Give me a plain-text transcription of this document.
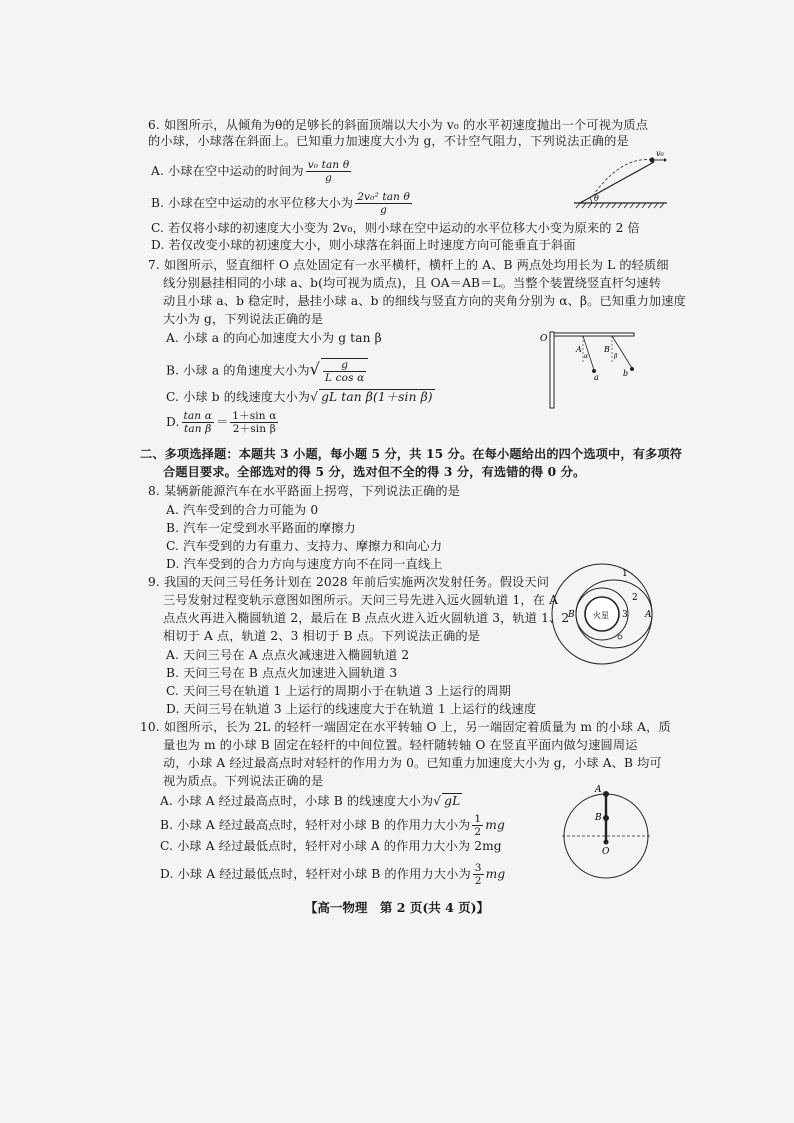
6. 如图所示，从倾角为θ的足够长的斜面顶端以大小为 v₀ 的水平初速度抛出一个可视为质点
的小球，小球落在斜面上。已知重力加速度大小为 g，不计空气阻力，下列说法正确的是
A. 小球在空中运动的时间为 $\frac{\text{v₀ tan θ}}{g}$
B. 小球在空中运动的水平位移大小为 $\frac{\text{2v₀² tan θ}}{g}$
C. 若仅将小球的初速度大小变为 2v₀，则小球在空中运动的水平位移大小变为原来的 2 倍
D. 若仅改变小球的初速度大小，则小球落在斜面上时速度方向可能垂直于斜面
v₀
θ
7. 如图所示，竖直细杆 O 点处固定有一水平横杆，横杆上的 A、B 两点处均用长为 L 的轻质细
线分别悬挂相同的小球 a、b(均可视为质点)，且 OA＝AB＝L。当整个装置绕竖直杆匀速转
动且小球 a、b 稳定时，悬挂小球 a、b 的细线与竖直方向的夹角分别为 α、β。已知重力加速度
大小为 g，下列说法正确的是
A. 小球 a 的向心加速度大小为 g tan β
B. 小球 a 的角速度大小为√ $\frac{g}{\text{L cos α}}$
C. 小球 b 的线速度大小为√ gL tan β(1＋sin β)
D. $\frac{\text{tan α}}{\text{tan β}} = \frac{\text{1＋sin α}}{\text{2＋sin β}}$
O
A
α
a
B
β
b
二、多项选择题：本题共 3 小题，每小题 5 分，共 15 分。在每小题给出的四个选项中，有多项符
合题目要求。全部选对的得 5 分，选对但不全的得 3 分，有选错的得 0 分。
8. 某辆新能源汽车在水平路面上拐弯，下列说法正确的是
A. 汽车受到的合力可能为 0
B. 汽车一定受到水平路面的摩擦力
C. 汽车受到的力有重力、支持力、摩擦力和向心力
D. 汽车受到的合力方向与速度方向不在同一直线上
9. 我国的天问三号任务计划在 2028 年前后实施两次发射任务。假设天问
三号发射过程变轨示意图如图所示。天问三号先进入远火圆轨道 1，在 A
点点火再进入椭圆轨道 2，最后在 B 点点火进入近火圆轨道 3，轨道 1、2
相切于 A 点，轨道 2、3 相切于 B 点。下列说法正确的是
A. 天问三号在 A 点点火减速进入椭圆轨道 2
B. 天问三号在 B 点点火加速进入圆轨道 3
C. 天问三号在轨道 1 上运行的周期小于在轨道 3 上运行的周期
D. 天问三号在轨道 3 上运行的线速度大于在轨道 1 上运行的线速度
火星
1
2
3 A
B
10. 如图所示，长为 2L 的轻杆一端固定在水平转轴 O 上，另一端固定着质量为 m 的小球 A，质
量也为 m 的小球 B 固定在轻杆的中间位置。轻杆随转轴 O 在竖直平面内做匀速圆周运
动，小球 A 经过最高点时对轻杆的作用力为 0。已知重力加速度大小为 g，小球 A、B 均可
视为质点。下列说法正确的是
A. 小球 A 经过最高点时，小球 B 的线速度大小为√ gL
B. 小球 A 经过最高点时，轻杆对小球 B 的作用力大小为 $\frac{1}{2}$ mg
C. 小球 A 经过最低点时，轻杆对小球 A 的作用力大小为 2mg
D. 小球 A 经过最低点时，轻杆对小球 B 的作用力大小为 $\frac{3}{2}$ mg
A
B
O
【高一物理　第 2 页(共 4 页)】
